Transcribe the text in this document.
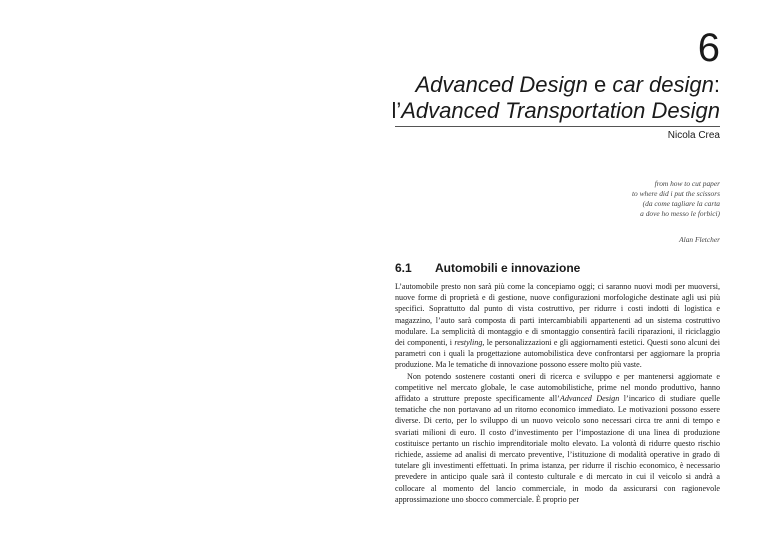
6
Advanced Design e car design:
l’Advanced Transportation Design
Nicola Crea
from how to cut paper
to where did i put the scissors
(da come tagliare la carta
a dove ho messo le forbici)
Alan Fletcher
6.1 Automobili e innovazione

L’automobile presto non sarà più come la concepiamo oggi; ci saranno nuovi modi per muoversi, nuove forme di proprietà e di gestione, nuove configurazioni morfologiche destinate agli usi più specifici. Soprattutto dal punto di vista costruttivo, per ridurre i costi indotti di logistica e magazzino, l’auto sarà composta di parti intercambiabili appartenenti ad un sistema costruttivo modulare. La semplicità di montaggio e di smontaggio consentirà facili riparazioni, il riciclaggio dei componenti, i restyling, le personalizzazioni e gli aggiornamenti estetici. Questi sono alcuni dei parametri con i quali la progettazione automobilistica deve confrontarsi per aggiornare la propria produzione. Ma le tematiche di innovazione possono essere molto più vaste.

Non potendo sostenere costanti oneri di ricerca e sviluppo e per mantenersi aggiornate e competitive nel mercato globale, le case automobilistiche, prime nel mondo produttivo, hanno affidato a strutture preposte specificamente all’Advanced Design l’incarico di studiare quelle tematiche che non portavano ad un ritorno economico immediato. Le motivazioni possono essere diverse. Di certo, per lo sviluppo di un nuovo veicolo sono necessari circa tre anni di tempo e svariati milioni di euro. Il costo d’investimento per l’impostazione di una linea di produzione costituisce pertanto un rischio imprenditoriale molto elevato. La volontà di ridurre questo rischio richiede, assieme ad analisi di mercato preventive, l’istituzione di modalità operative in grado di tutelare gli investimenti effettuati. In prima istanza, per ridurre il rischio economico, è necessario prevedere in anticipo quale sarà il contesto culturale e di mercato in cui il veicolo si andrà a collocare al momento del lancio commerciale, in modo da assicurarsi con ragionevole approssimazione uno sbocco commerciale. È proprio per
